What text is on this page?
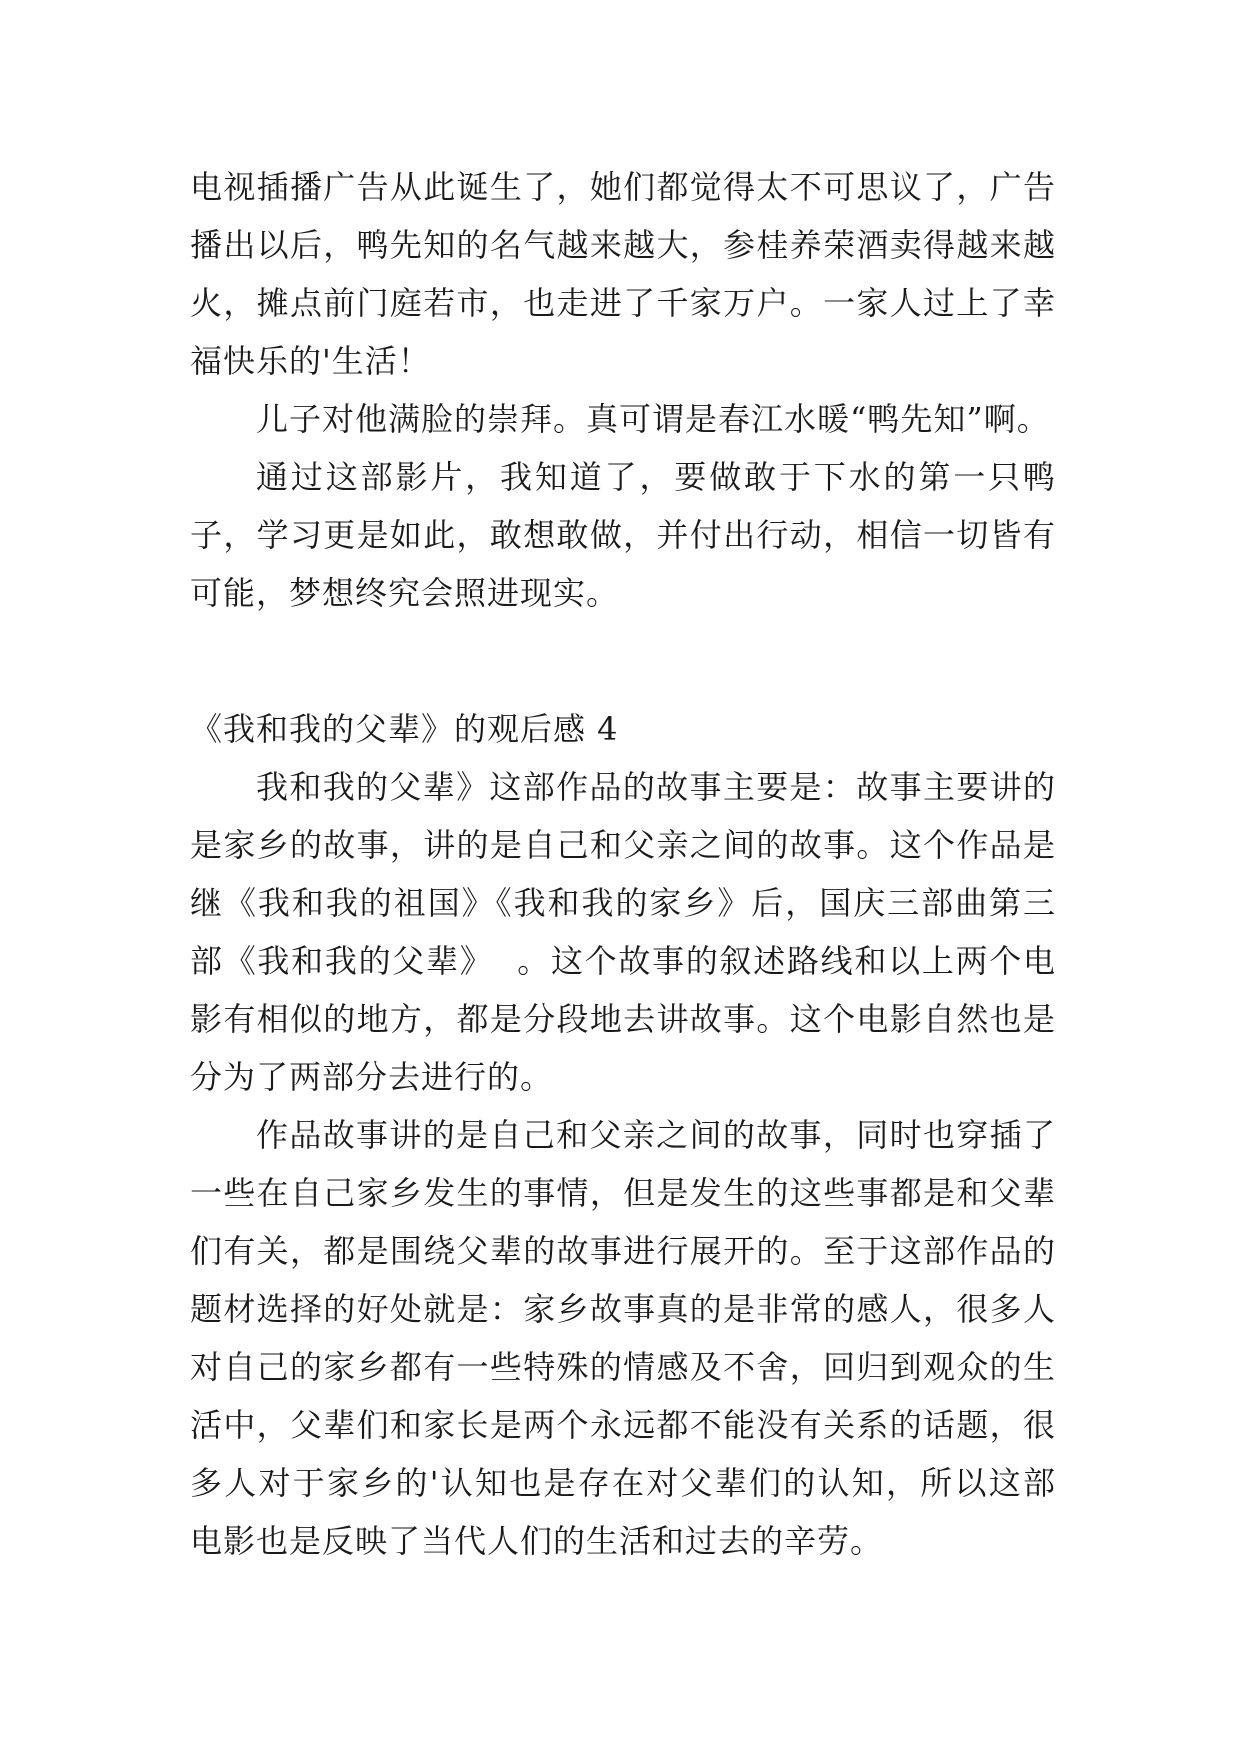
电视插播广告从此诞生了，她们都觉得太不可思议了，广告播出以后，鸭先知的名气越来越大，参桂养荣酒卖得越来越火，摊点前门庭若市，也走进了千家万户。一家人过上了幸福快乐的'生活！

儿子对他满脸的崇拜。真可谓是春江水暖“鸭先知”啊。

通过这部影片，我知道了，要做敢于下水的第一只鸭子，学习更是如此，敢想敢做，并付出行动，相信一切皆有可能，梦想终究会照进现实。

《我和我的父辈》的观后感 4

我和我的父辈》这部作品的故事主要是：故事主要讲的是家乡的故事，讲的是自己和父亲之间的故事。这个作品是继《我和我的祖国》《我和我的家乡》后，国庆三部曲第三部《我和我的父辈》  。这个故事的叙述路线和以上两个电影有相似的地方，都是分段地去讲故事。这个电影自然也是分为了两部分去进行的。

作品故事讲的是自己和父亲之间的故事，同时也穿插了一些在自己家乡发生的事情，但是发生的这些事都是和父辈们有关，都是围绕父辈的故事进行展开的。至于这部作品的题材选择的好处就是：家乡故事真的是非常的感人，很多人对自己的家乡都有一些特殊的情感及不舍，回归到观众的生活中，父辈们和家长是两个永远都不能没有关系的话题，很多人对于家乡的'认知也是存在对父辈们的认知，所以这部电影也是反映了当代人们的生活和过去的辛劳。
